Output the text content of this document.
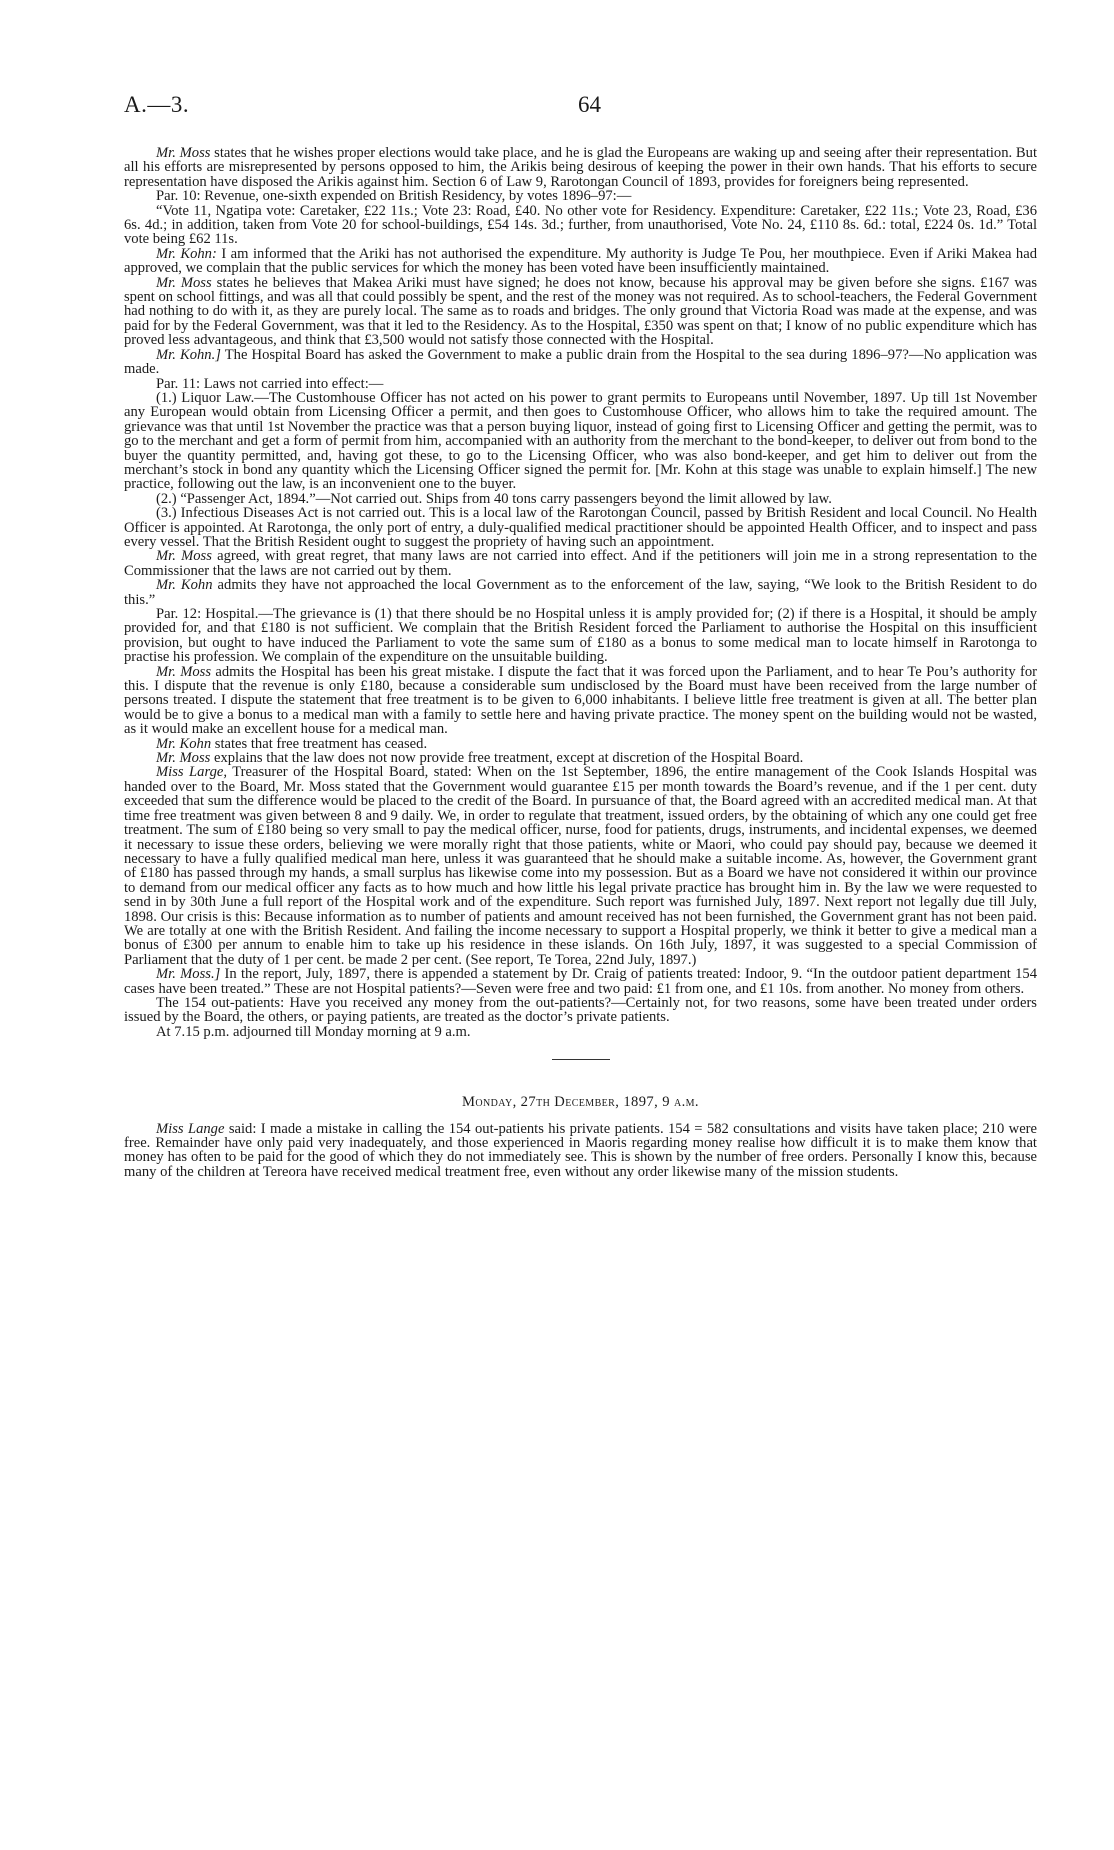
A.—3.	64

Mr. Moss states that he wishes proper elections would take place, and he is glad the Europeans are waking up and seeing after their representation. But all his efforts are misrepresented by persons opposed to him, the Arikis being desirous of keeping the power in their own hands. That his efforts to secure representation have disposed the Arikis against him. Section 6 of Law 9, Rarotongan Council of 1893, provides for foreigners being represented.

Par. 10: Revenue, one-sixth expended on British Residency, by votes 1896–97:—

“Vote 11, Ngatipa vote: Caretaker, £22 11s.; Vote 23: Road, £40. No other vote for Residency. Expenditure: Caretaker, £22 11s.; Vote 23, Road, £36 6s. 4d.; in addition, taken from Vote 20 for school-buildings, £54 14s. 3d.; further, from unauthorised, Vote No. 24, £110 8s. 6d.: total, £224 0s. 1d.” Total vote being £62 11s.

Mr. Kohn: I am informed that the Ariki has not authorised the expenditure. My authority is Judge Te Pou, her mouthpiece. Even if Ariki Makea had approved, we complain that the public services for which the money has been voted have been insufficiently maintained.

Mr. Moss states he believes that Makea Ariki must have signed; he does not know, because his approval may be given before she signs. £167 was spent on school fittings, and was all that could possibly be spent, and the rest of the money was not required. As to school-teachers, the Federal Government had nothing to do with it, as they are purely local. The same as to roads and bridges. The only ground that Victoria Road was made at the expense, and was paid for by the Federal Government, was that it led to the Residency. As to the Hospital, £350 was spent on that; I know of no public expenditure which has proved less advantageous, and think that £3,500 would not satisfy those connected with the Hospital.

Mr. Kohn.] The Hospital Board has asked the Government to make a public drain from the Hospital to the sea during 1896–97?—No application was made.

Par. 11: Laws not carried into effect:—

(1.) Liquor Law.—The Customhouse Officer has not acted on his power to grant permits to Europeans until November, 1897. Up till 1st November any European would obtain from Licensing Officer a permit, and then goes to Customhouse Officer, who allows him to take the required amount. The grievance was that until 1st November the practice was that a person buying liquor, instead of going first to Licensing Officer and getting the permit, was to go to the merchant and get a form of permit from him, accompanied with an authority from the merchant to the bond-keeper, to deliver out from bond to the buyer the quantity permitted, and, having got these, to go to the Licensing Officer, who was also bond-keeper, and get him to deliver out from the merchant’s stock in bond any quantity which the Licensing Officer signed the permit for. [Mr. Kohn at this stage was unable to explain himself.] The new practice, following out the law, is an inconvenient one to the buyer.

(2.) “Passenger Act, 1894.”—Not carried out. Ships from 40 tons carry passengers beyond the limit allowed by law.

(3.) Infectious Diseases Act is not carried out. This is a local law of the Rarotongan Council, passed by British Resident and local Council. No Health Officer is appointed. At Rarotonga, the only port of entry, a duly-qualified medical practitioner should be appointed Health Officer, and to inspect and pass every vessel. That the British Resident ought to suggest the propriety of having such an appointment.

Mr. Moss agreed, with great regret, that many laws are not carried into effect. And if the petitioners will join me in a strong representation to the Commissioner that the laws are not carried out by them.

Mr. Kohn admits they have not approached the local Government as to the enforcement of the law, saying, “We look to the British Resident to do this.”

Par. 12: Hospital.—The grievance is (1) that there should be no Hospital unless it is amply provided for; (2) if there is a Hospital, it should be amply provided for, and that £180 is not sufficient. We complain that the British Resident forced the Parliament to authorise the Hospital on this insufficient provision, but ought to have induced the Parliament to vote the same sum of £180 as a bonus to some medical man to locate himself in Rarotonga to practise his profession. We complain of the expenditure on the unsuitable building.

Mr. Moss admits the Hospital has been his great mistake. I dispute the fact that it was forced upon the Parliament, and to hear Te Pou’s authority for this. I dispute that the revenue is only £180, because a considerable sum undisclosed by the Board must have been received from the large number of persons treated. I dispute the statement that free treatment is to be given to 6,000 inhabitants. I believe little free treatment is given at all. The better plan would be to give a bonus to a medical man with a family to settle here and having private practice. The money spent on the building would not be wasted, as it would make an excellent house for a medical man.

Mr. Kohn states that free treatment has ceased.

Mr. Moss explains that the law does not now provide free treatment, except at discretion of the Hospital Board.

Miss Large, Treasurer of the Hospital Board, stated: When on the 1st September, 1896, the entire management of the Cook Islands Hospital was handed over to the Board, Mr. Moss stated that the Government would guarantee £15 per month towards the Board’s revenue, and if the 1 per cent. duty exceeded that sum the difference would be placed to the credit of the Board. In pursuance of that, the Board agreed with an accredited medical man. At that time free treatment was given between 8 and 9 daily. We, in order to regulate that treatment, issued orders, by the obtaining of which any one could get free treatment. The sum of £180 being so very small to pay the medical officer, nurse, food for patients, drugs, instruments, and incidental expenses, we deemed it necessary to issue these orders, believing we were morally right that those patients, white or Maori, who could pay should pay, because we deemed it necessary to have a fully qualified medical man here, unless it was guaranteed that he should make a suitable income. As, however, the Government grant of £180 has passed through my hands, a small surplus has likewise come into my possession. But as a Board we have not considered it within our province to demand from our medical officer any facts as to how much and how little his legal private practice has brought him in. By the law we were requested to send in by 30th June a full report of the Hospital work and of the expenditure. Such report was furnished July, 1897. Next report not legally due till July, 1898. Our crisis is this: Because information as to number of patients and amount received has not been furnished, the Government grant has not been paid. We are totally at one with the British Resident. And failing the income necessary to support a Hospital properly, we think it better to give a medical man a bonus of £300 per annum to enable him to take up his residence in these islands. On 16th July, 1897, it was suggested to a special Commission of Parliament that the duty of 1 per cent. be made 2 per cent. (See report, Te Torea, 22nd July, 1897.)

Mr. Moss.] In the report, July, 1897, there is appended a statement by Dr. Craig of patients treated: Indoor, 9. “In the outdoor patient department 154 cases have been treated.” These are not Hospital patients?—Seven were free and two paid: £1 from one, and £1 10s. from another. No money from others.

The 154 out-patients: Have you received any money from the out-patients?—Certainly not, for two reasons, some have been treated under orders issued by the Board, the others, or paying patients, are treated as the doctor’s private patients.

At 7.15 p.m. adjourned till Monday morning at 9 a.m.

Monday, 27th December, 1897, 9 a.m.

Miss Lange said: I made a mistake in calling the 154 out-patients his private patients. 154 = 582 consultations and visits have taken place; 210 were free. Remainder have only paid very inadequately, and those experienced in Maoris regarding money realise how difficult it is to make them know that money has often to be paid for the good of which they do not immediately see. This is shown by the number of free orders. Personally I know this, because many of the children at Tereora have received medical treatment free, even without any order likewise many of the mission students.
